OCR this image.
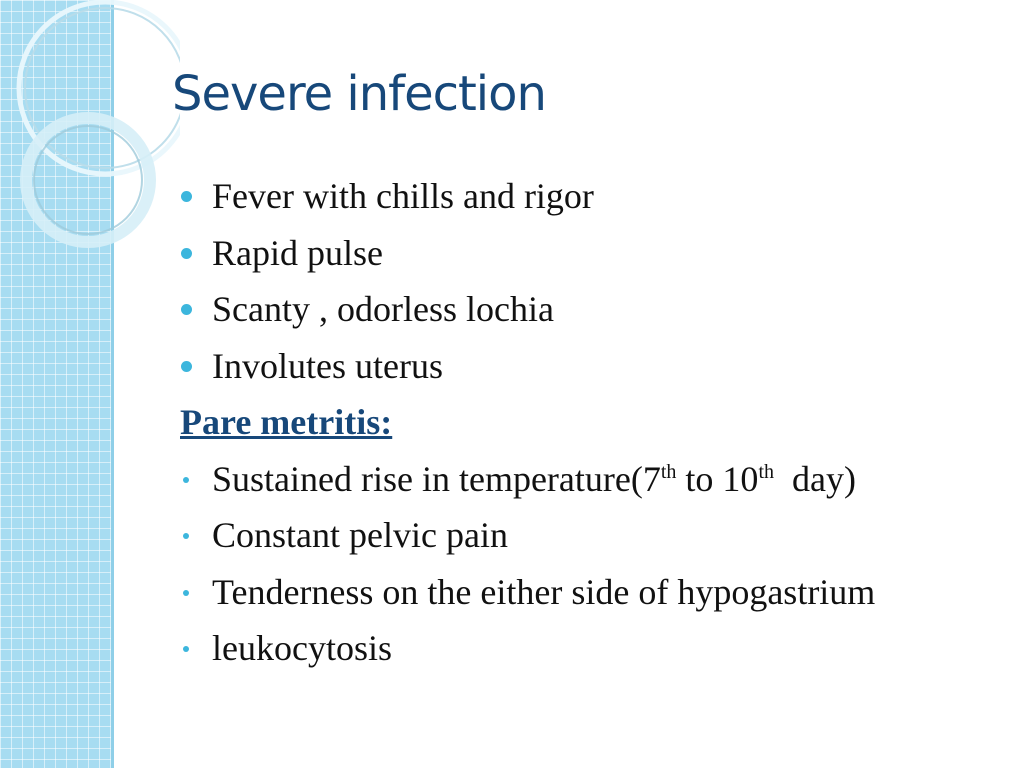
Severe infection
Fever with chills and rigor
Rapid pulse
Scanty , odorless lochia
Involutes uterus
Pare metritis:
Sustained rise in temperature(7th to 10th  day)
Constant pelvic pain
Tenderness on the either side of hypogastrium
leukocytosis
